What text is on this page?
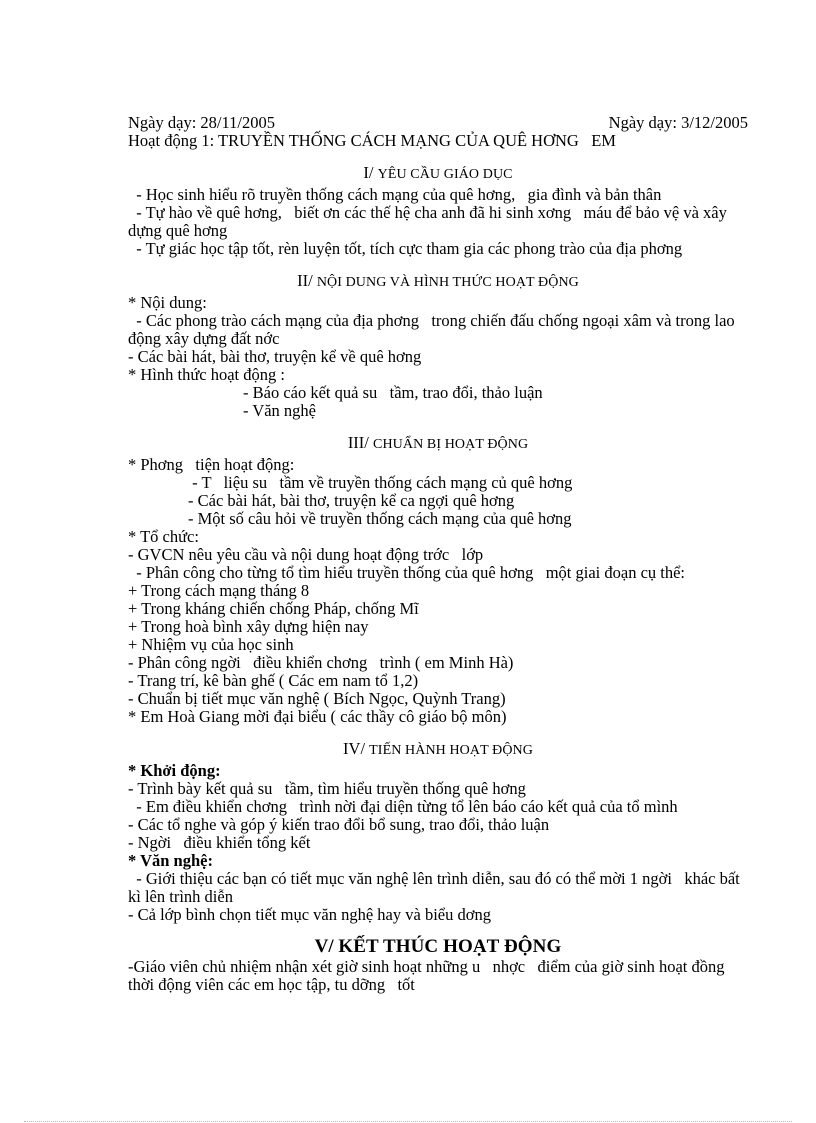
Ngày dạy: 28/11/2005	Ngày dạy: 3/12/2005

Hoạt động 1: TRUYỀN THỐNG CÁCH MẠNG CỦA QUÊ HƠNG   EM

I/ YÊU CẦU GIÁO DỤC

- Học sinh hiểu rõ truyền thống cách mạng của quê hơng,   gia đình và bản thân

- Tự hào về quê hơng,   biết ơn các thế hệ cha anh đã hi sinh xơng   máu để bảo vệ và xây dựng quê hơng

- Tự giác học tập tốt, rèn luyện tốt, tích cực tham gia các phong trào của địa phơng

II/ NỘI DUNG VÀ HÌNH THỨC HOẠT ĐỘNG

* Nội dung:

- Các phong trào cách mạng của địa phơng   trong chiến đấu chống ngoại xâm và trong lao động xây dựng đất nớc

- Các bài hát, bài thơ, truyện kể về quê hơng

* Hình thức hoạt động :

- Báo cáo kết quả su   tầm, trao đổi, thảo luận

- Văn nghệ

III/ CHUẨN BỊ HOẠT ĐỘNG

* Phơng   tiện hoạt động:

- T   liệu su   tầm về truyền thống cách mạng củ quê hơng

- Các bài hát, bài thơ, truyện kể ca ngợi quê hơng

- Một số câu hỏi về truyền thống cách mạng của quê hơng

* Tổ chức:

- GVCN nêu yêu cầu và nội dung hoạt động trớc   lớp

- Phân công cho từng tổ tìm hiểu truyền thống của quê hơng   một giai đoạn cụ thể:

+ Trong cách mạng tháng 8

+ Trong kháng chiến chống Pháp, chống Mĩ

+ Trong hoà bình xây dựng hiện nay

+ Nhiệm vụ của học sinh

- Phân công ngời   điều khiển chơng   trình ( em Minh Hà)

- Trang trí, kê bàn ghế ( Các em nam tổ 1,2)

- Chuẩn bị tiết mục văn nghệ ( Bích Ngọc, Quỳnh Trang)

* Em Hoà Giang mời đại biểu ( các thầy cô giáo bộ môn)

IV/ TIẾN HÀNH HOẠT ĐỘNG

* Khởi động:

- Trình bày kết quả su   tầm, tìm hiểu truyền thống quê hơng

- Em điều khiển chơng   trình nời đại diện từng tổ lên báo cáo kết quả của tổ mình

- Các tổ nghe và góp ý kiến trao đổi bổ sung, trao đổi, thảo luận

- Ngời   điều khiển tổng kết

* Văn nghệ:

- Giới thiệu các bạn có tiết mục văn nghệ lên trình diễn, sau đó có thể mời 1 ngời   khác bất kì lên trình diễn

- Cả lớp bình chọn tiết mục văn nghệ hay và biểu dơng

V/ KẾT THÚC HOẠT ĐỘNG

-Giáo viên chủ nhiệm nhận xét giờ sinh hoạt những u   nhợc   điểm của giờ sinh hoạt đồng thời động viên các em học tập, tu dỡng   tốt
